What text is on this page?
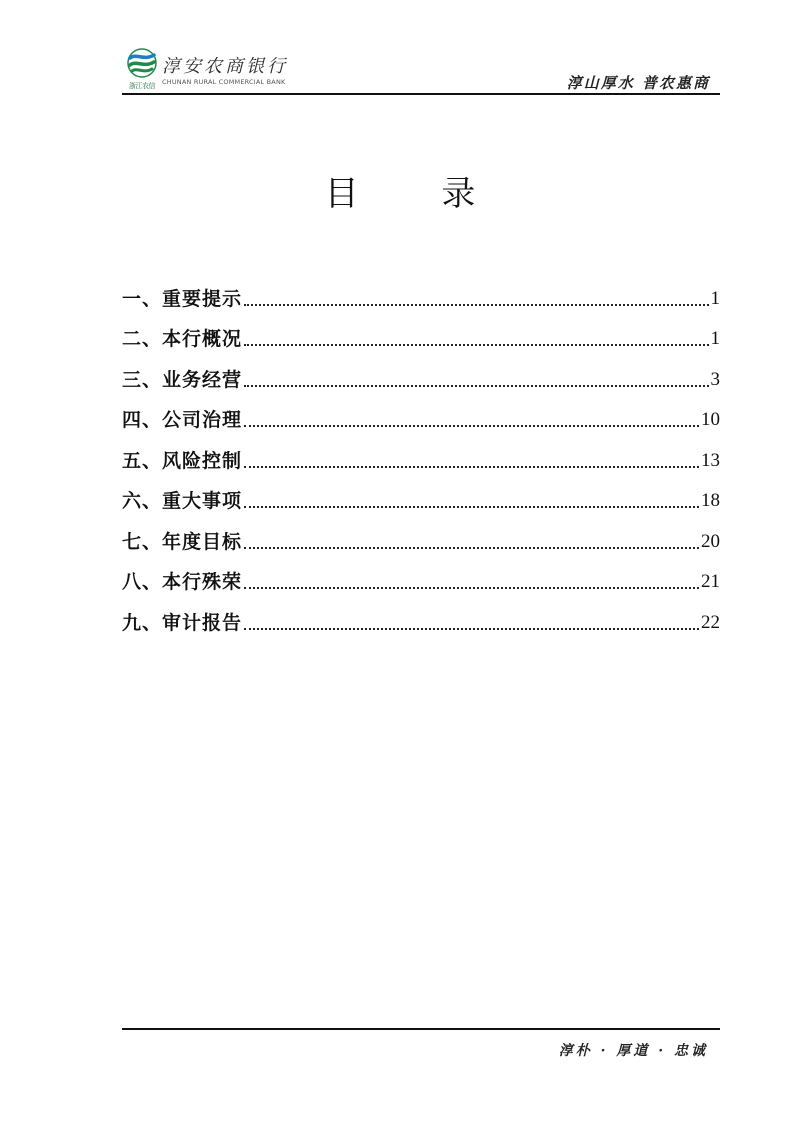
浙江农信
淳安农商银行
CHUNAN RURAL COMMERCIAL BANK	淳山厚水 普农惠商
目 录
一、重要提示	1
二、本行概况	1
三、业务经营	3
四、公司治理	10
五、风险控制	13
六、重大事项	18
七、年度目标	20
八、本行殊荣	21
九、审计报告	22
淳朴 · 厚道 · 忠诚
